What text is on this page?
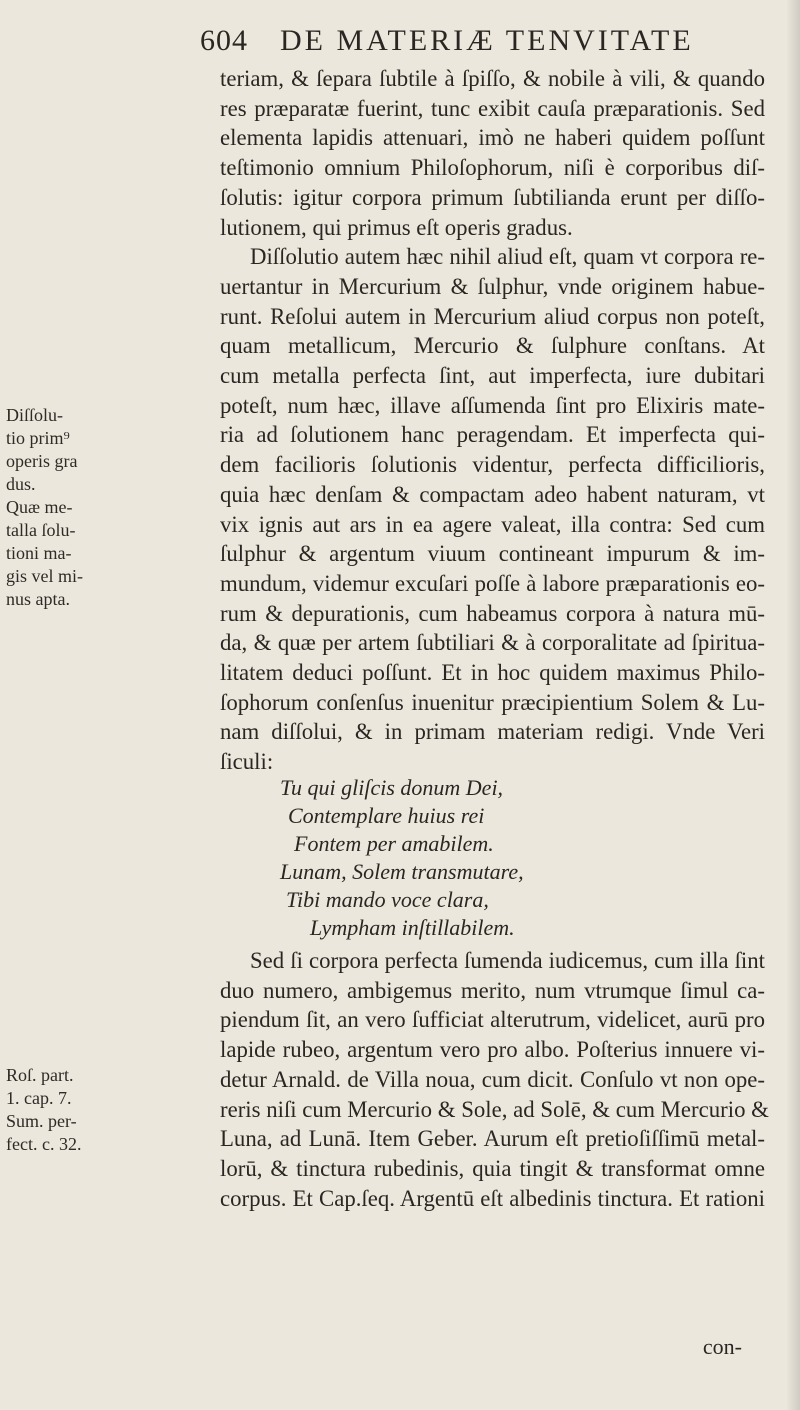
604 DE MATERIÆ TENVITATE
teriam, & ſepara ſubtile à ſpiſſo, & nobile à vili, & quando
res præparatæ fuerint, tunc exibit cauſa præparationis. Sed
elementa lapidis attenuari, imò ne haberi quidem poſſunt
teſtimonio omnium Philoſophorum, niſi è corporibus diſ-
ſolutis: igitur corpora primum ſubtilianda erunt per diſſo-
lutionem, qui primus eſt operis gradus.
Diſſolutio autem hæc nihil aliud eſt, quam vt corpora re-
uertantur in Mercurium & ſulphur, vnde originem habue-
runt. Reſolui autem in Mercurium aliud corpus non poteſt,
quam metallicum, Mercurio & ſulphure conſtans. At
cum metalla perfecta ſint, aut imperfecta, iure dubitari
poteſt, num hæc, illave aſſumenda ſint pro Elixiris mate-
ria ad ſolutionem hanc peragendam. Et imperfecta qui-
dem facilioris ſolutionis videntur, perfecta difficilioris,
quia hæc denſam & compactam adeo habent naturam, vt
vix ignis aut ars in ea agere valeat, illa contra: Sed cum
ſulphur & argentum viuum contineant impurum & im-
mundum, videmur excuſari poſſe à labore præparationis eo-
rum & depurationis, cum habeamus corpora à natura mū-
da, & quæ per artem ſubtiliari & à corporalitate ad ſpiritua-
litatem deduci poſſunt. Et in hoc quidem maximus Philo-
ſophorum conſenſus inuenitur præcipientium Solem & Lu-
nam diſſolui, & in primam materiam redigi. Vnde Veri
ſiculi:
Tu qui gliſcis donum Dei,
Contemplare huius rei
Fontem per amabilem.
Lunam, Solem transmutare,
Tibi mando voce clara,
Lympham inſtillabilem.
Sed ſi corpora perfecta ſumenda iudicemus, cum illa ſint
duo numero, ambigemus merito, num vtrumque ſimul ca-
piendum ſit, an vero ſufficiat alterutrum, videlicet, aurū pro
lapide rubeo, argentum vero pro albo. Poſterius innuere vi-
detur Arnald. de Villa noua, cum dicit. Conſulo vt non ope-
reris niſi cum Mercurio & Sole, ad Solē, & cum Mercurio &
Luna, ad Lunā. Item Geber. Aurum eſt pretioſiſſimū metal-
lorū, & tinctura rubedinis, quia tingit & transformat omne
corpus. Et Cap.ſeq. Argentū eſt albedinis tinctura. Et rationi
con-
Diſſolu-
tio prim⁹
operis gra
dus.
Quæ me-
talla ſolu-
tioni ma-
gis vel mi-
nus apta.
Roſ. part.
1. cap. 7.
Sum. per-
fect. c. 32.
